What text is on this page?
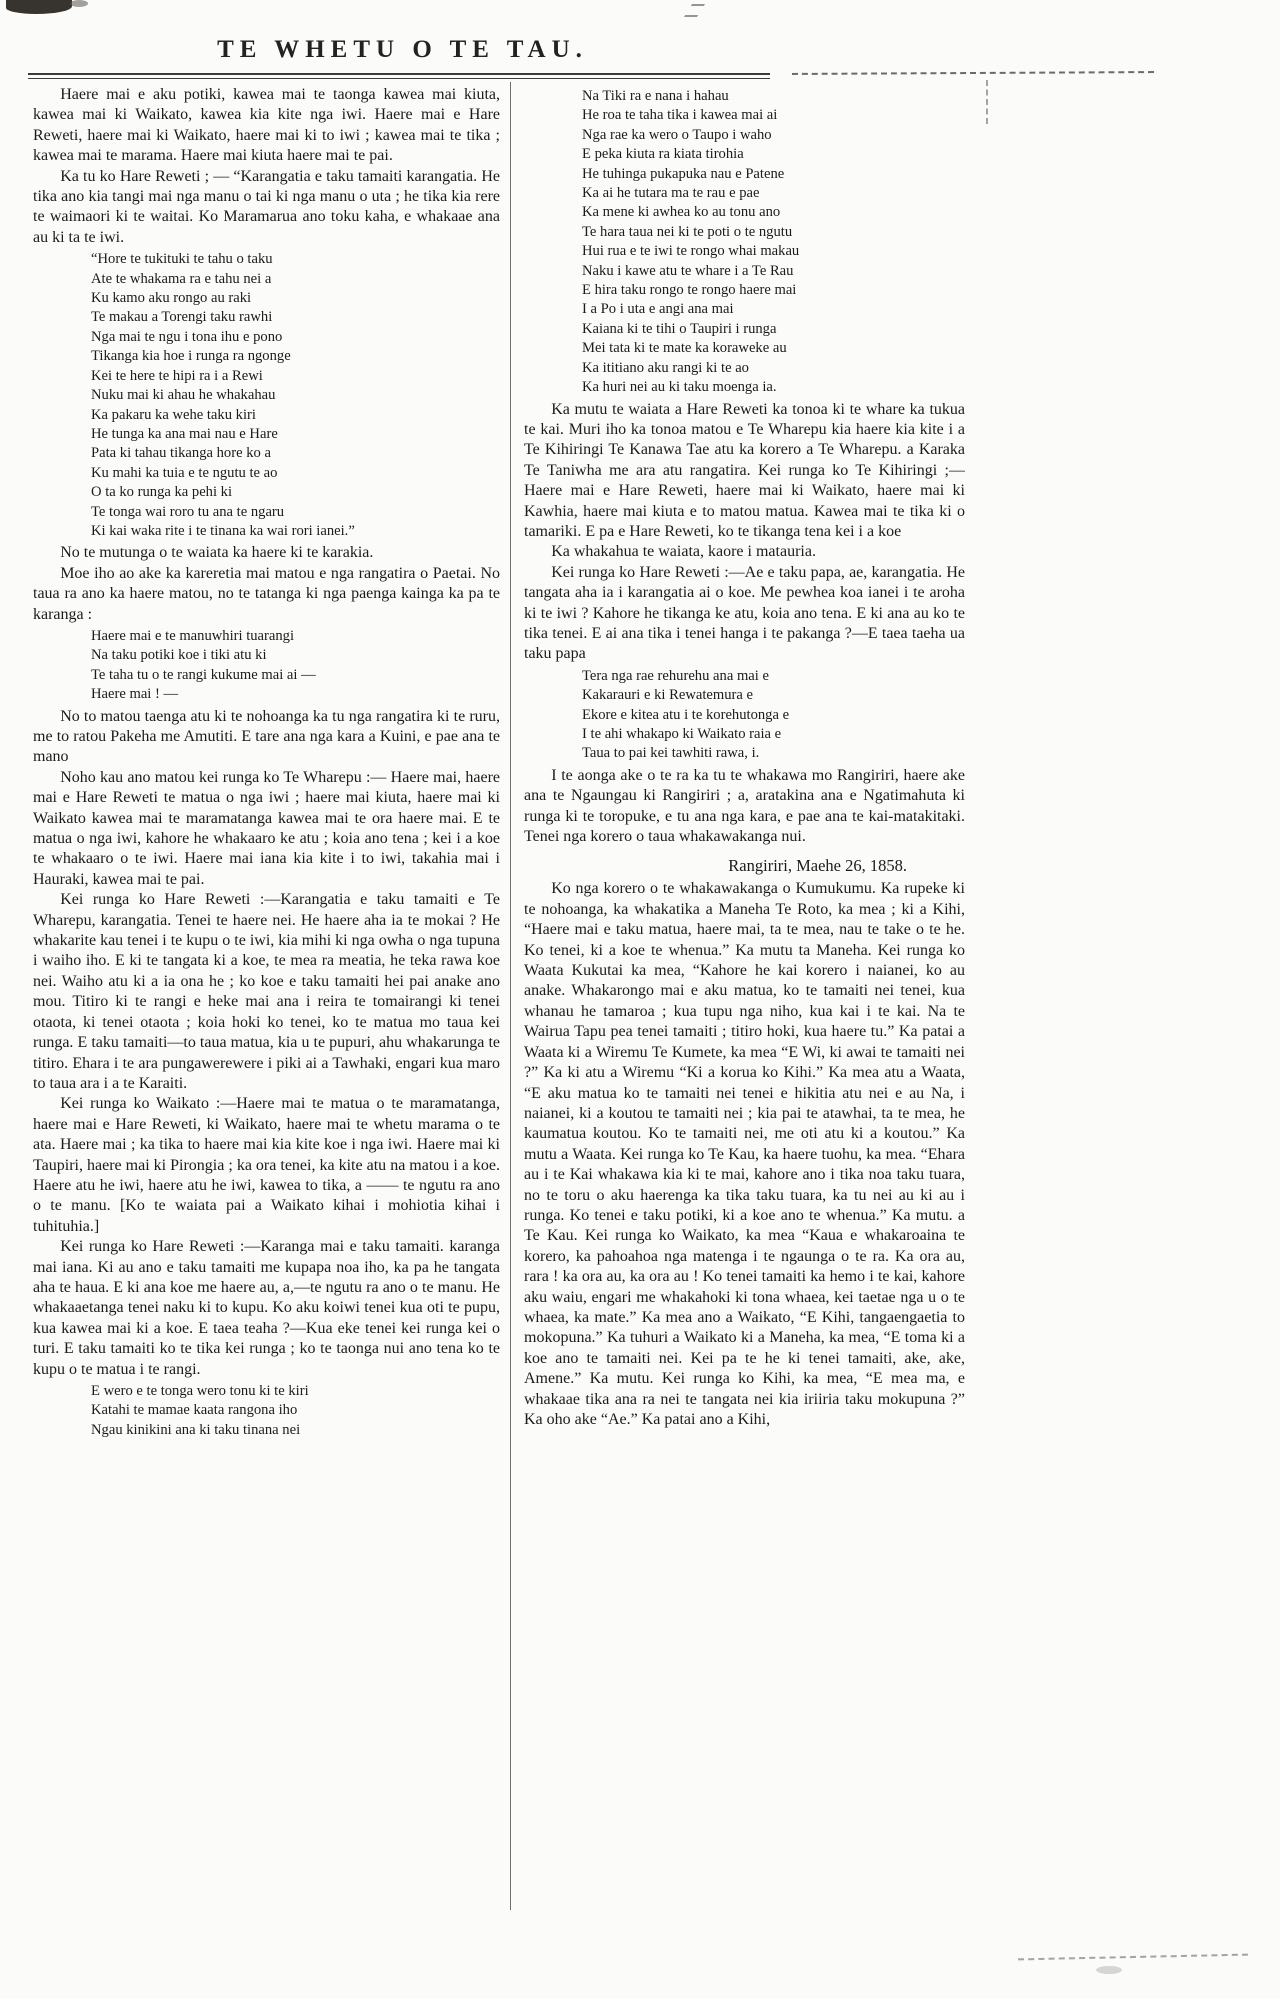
TE WHETU O TE TAU.

Haere mai e aku potiki, kawea mai te taonga kawea mai kiuta, kawea mai ki Waikato, kawea kia kite nga iwi. Haere mai e Hare Reweti, haere mai ki Waikato, haere mai ki to iwi ; kawea mai te tika ; kawea mai te marama. Haere mai kiuta haere mai te pai.

Ka tu ko Hare Reweti ; — “Karangatia e taku tamaiti karangatia. He tika ano kia tangi mai nga manu o tai ki nga manu o uta ; he tika kia rere te waimaori ki te waitai. Ko Maramarua ano toku kaha, e whakaae ana au ki ta te iwi.

“Hore te tukituki te tahu o taku
Ate te whakama ra e tahu nei a
Ku kamo aku rongo au raki
Te makau a Torengi taku rawhi
Nga mai te ngu i tona ihu e pono
Tikanga kia hoe i runga ra ngonge
Kei te here te hipi ra i a Rewi
Nuku mai ki ahau he whakahau
Ka pakaru ka wehe taku kiri
He tunga ka ana mai nau e Hare
Pata ki tahau tikanga hore ko a
Ku mahi ka tuia e te ngutu te ao
O ta ko runga ka pehi ki
Te tonga wai roro tu ana te ngaru
Ki kai waka rite i te tinana ka wai rori ianei.”

No te mutunga o te waiata ka haere ki te karakia.

Moe iho ao ake ka kareretia mai matou e nga rangatira o Paetai. No taua ra ano ka haere matou, no te tatanga ki nga paenga kainga ka pa te karanga :

Haere mai e te manuwhiri tuarangi
Na taku potiki koe i tiki atu ki
Te taha tu o te rangi kukume mai ai —
Haere mai ! —

No to matou taenga atu ki te nohoanga ka tu nga rangatira ki te ruru, me to ratou Pakeha me Amutiti. E tare ana nga kara a Kuini, e pae ana te mano

Noho kau ano matou kei runga ko Te Wharepu :— Haere mai, haere mai e Hare Reweti te matua o nga iwi ; haere mai kiuta, haere mai ki Waikato kawea mai te maramatanga kawea mai te ora haere mai. E te matua o nga iwi, kahore he whakaaro ke atu ; koia ano tena ; kei i a koe te whakaaro o te iwi. Haere mai iana kia kite i to iwi, takahia mai i Hauraki, kawea mai te pai.

Kei runga ko Hare Reweti :—Karangatia e taku tamaiti e Te Wharepu, karangatia. Tenei te haere nei. He haere aha ia te mokai ? He whakarite kau tenei i te kupu o te iwi, kia mihi ki nga owha o nga tupuna i waiho iho. E ki te tangata ki a koe, te mea ra meatia, he teka rawa koe nei. Waiho atu ki a ia ona he ; ko koe e taku tamaiti hei pai anake ano mou. Titiro ki te rangi e heke mai ana i reira te tomairangi ki tenei otaota, ki tenei otaota ; koia hoki ko tenei, ko te matua mo taua kei runga. E taku tamaiti—to taua matua, kia u te pupuri, ahu whakarunga te titiro. Ehara i te ara pungawerewere i piki ai a Tawhaki, engari kua maro to taua ara i a te Karaiti.

Kei runga ko Waikato :—Haere mai te matua o te maramatanga, haere mai e Hare Reweti, ki Waikato, haere mai te whetu marama o te ata. Haere mai ; ka tika to haere mai kia kite koe i nga iwi. Haere mai ki Taupiri, haere mai ki Pirongia ; ka ora tenei, ka kite atu na matou i a koe. Haere atu he iwi, haere atu he iwi, kawea to tika, a —— te ngutu ra ano o te manu. [Ko te waiata pai a Waikato kihai i mohiotia kihai i tuhituhia.]

Kei runga ko Hare Reweti :—Karanga mai e taku tamaiti. karanga mai iana. Ki au ano e taku tamaiti me kupapa noa iho, ka pa he tangata aha te haua. E ki ana koe me haere au, a,—te ngutu ra ano o te manu. He whakaaetanga tenei naku ki to kupu. Ko aku koiwi tenei kua oti te pupu, kua kawea mai ki a koe. E taea teaha ?—Kua eke tenei kei runga kei o turi. E taku tamaiti ko te tika kei runga ; ko te taonga nui ano tena ko te kupu o te matua i te rangi.

E wero e te tonga wero tonu ki te kiri
Katahi te mamae kaata rangona iho
Ngau kinikini ana ki taku tinana nei
Na Tiki ra e nana i hahau
He roa te taha tika i kawea mai ai
Nga rae ka wero o Taupo i waho
E peka kiuta ra kiata tirohia
He tuhinga pukapuka nau e Patene
Ka ai he tutara ma te rau e pae
Ka mene ki awhea ko au tonu ano
Te hara taua nei ki te poti o te ngutu
Hui rua e te iwi te rongo whai makau
Naku i kawe atu te whare i a Te Rau
E hira taku rongo te rongo haere mai
I a Po i uta e angi ana mai
Kaiana ki te tihi o Taupiri i runga
Mei tata ki te mate ka koraweke au
Ka ititiano aku rangi ki te ao
Ka huri nei au ki taku moenga ia.

Ka mutu te waiata a Hare Reweti ka tonoa ki te whare ka tukua te kai. Muri iho ka tonoa matou e Te Wharepu kia haere kia kite i a Te Kihiringi Te Kanawa Tae atu ka korero a Te Wharepu. a Karaka Te Taniwha me ara atu rangatira. Kei runga ko Te Kihiringi ;—Haere mai e Hare Reweti, haere mai ki Waikato, haere mai ki Kawhia, haere mai kiuta e to matou matua. Kawea mai te tika ki o tamariki. E pa e Hare Reweti, ko te tikanga tena kei i a koe

Ka whakahua te waiata, kaore i matauria.

Kei runga ko Hare Reweti :—Ae e taku papa, ae, karangatia. He tangata aha ia i karangatia ai o koe. Me pewhea koa ianei i te aroha ki te iwi ? Kahore he tikanga ke atu, koia ano tena. E ki ana au ko te tika tenei. E ai ana tika i tenei hanga i te pakanga ?—E taea taeha ua taku papa

Tera nga rae rehurehu ana mai e
Kakarauri e ki Rewatemura e
Ekore e kitea atu i te korehutonga e
I te ahi whakapo ki Waikato raia e
Taua to pai kei tawhiti rawa, i.

I te aonga ake o te ra ka tu te whakawa mo Rangiriri, haere ake ana te Ngaungau ki Rangiriri ; a, aratakina ana e Ngatimahuta ki runga ki te toropuke, e tu ana nga kara, e pae ana te kai-matakitaki. Tenei nga korero o taua whakawakanga nui.

Rangiriri, Maehe 26, 1858.

Ko nga korero o te whakawakanga o Kumukumu. Ka rupeke ki te nohoanga, ka whakatika a Maneha Te Roto, ka mea ; ki a Kihi, “Haere mai e taku matua, haere mai, ta te mea, nau te take o te he. Ko tenei, ki a koe te whenua.” Ka mutu ta Maneha. Kei runga ko Waata Kukutai ka mea, “Kahore he kai korero i naianei, ko au anake. Whakarongo mai e aku matua, ko te tamaiti nei tenei, kua whanau he tamaroa ; kua tupu nga niho, kua kai i te kai. Na te Wairua Tapu pea tenei tamaiti ; titiro hoki, kua haere tu.” Ka patai a Waata ki a Wiremu Te Kumete, ka mea “E Wi, ki awai te tamaiti nei ?” Ka ki atu a Wiremu “Ki a korua ko Kihi.” Ka mea atu a Waata, “E aku matua ko te tamaiti nei tenei e hikitia atu nei e au Na, i naianei, ki a koutou te tamaiti nei ; kia pai te atawhai, ta te mea, he kaumatua koutou. Ko te tamaiti nei, me oti atu ki a koutou.” Ka mutu a Waata. Kei runga ko Te Kau, ka haere tuohu, ka mea. “Ehara au i te Kai whakawa kia ki te mai, kahore ano i tika noa taku tuara, no te toru o aku haerenga ka tika taku tuara, ka tu nei au ki au i runga. Ko tenei e taku potiki, ki a koe ano te whenua.” Ka mutu. a Te Kau. Kei runga ko Waikato, ka mea “Kaua e whakaroaina te korero, ka pahoahoa nga matenga i te ngaunga o te ra. Ka ora au, rara ! ka ora au, ka ora au ! Ko tenei tamaiti ka hemo i te kai, kahore aku waiu, engari me whakahoki ki tona whaea, kei taetae nga u o te whaea, ka mate.” Ka mea ano a Waikato, “E Kihi, tangaengaetia to mokopuna.” Ka tuhuri a Waikato ki a Maneha, ka mea, “E toma ki a koe ano te tamaiti nei. Kei pa te he ki tenei tamaiti, ake, ake, Amene.” Ka mutu. Kei runga ko Kihi, ka mea, “E mea ma, e whakaae tika ana ra nei te tangata nei kia iriiria taku mokupuna ?” Ka oho ake “Ae.” Ka patai ano a Kihi,
